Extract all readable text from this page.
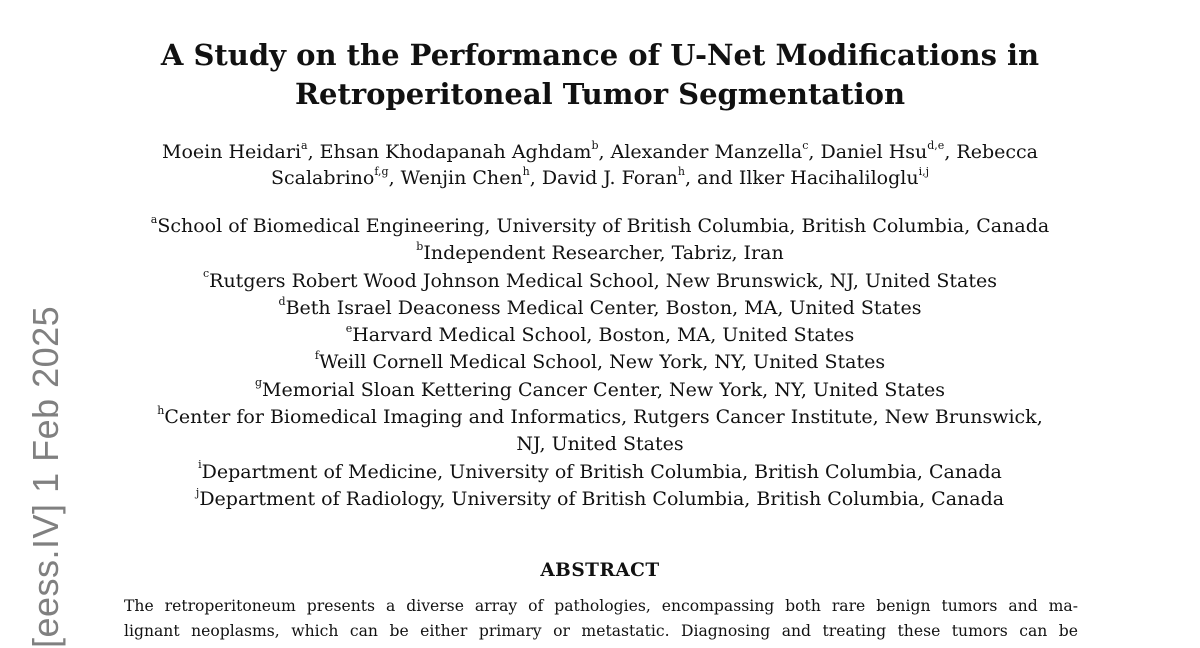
[eess.IV] 1 Feb 2025
A Study on the Performance of U-Net Modifications in
Retroperitoneal Tumor Segmentation
Moein Heidari$^a$, Ehsan Khodapanah Aghdam$^b$, Alexander Manzella$^c$, Daniel Hsu$^{d,e}$, Rebecca
Scalabrino$^{f,g}$, Wenjin Chen$^h$, David J. Foran$^h$, and Ilker Hacihaliloglu$^{i,j}$
$^a$School of Biomedical Engineering, University of British Columbia, British Columbia, Canada
$^b$Independent Researcher, Tabriz, Iran
$^c$Rutgers Robert Wood Johnson Medical School, New Brunswick, NJ, United States
$^d$Beth Israel Deaconess Medical Center, Boston, MA, United States
$^e$Harvard Medical School, Boston, MA, United States
$^f$Weill Cornell Medical School, New York, NY, United States
$^g$Memorial Sloan Kettering Cancer Center, New York, NY, United States
$^h$Center for Biomedical Imaging and Informatics, Rutgers Cancer Institute, New Brunswick,
NJ, United States
$^i$Department of Medicine, University of British Columbia, British Columbia, Canada
$^j$Department of Radiology, University of British Columbia, British Columbia, Canada
ABSTRACT
The retroperitoneum presents a diverse array of pathologies, encompassing both rare benign tumors and ma-
lignant neoplasms, which can be either primary or metastatic. Diagnosing and treating these tumors can be
